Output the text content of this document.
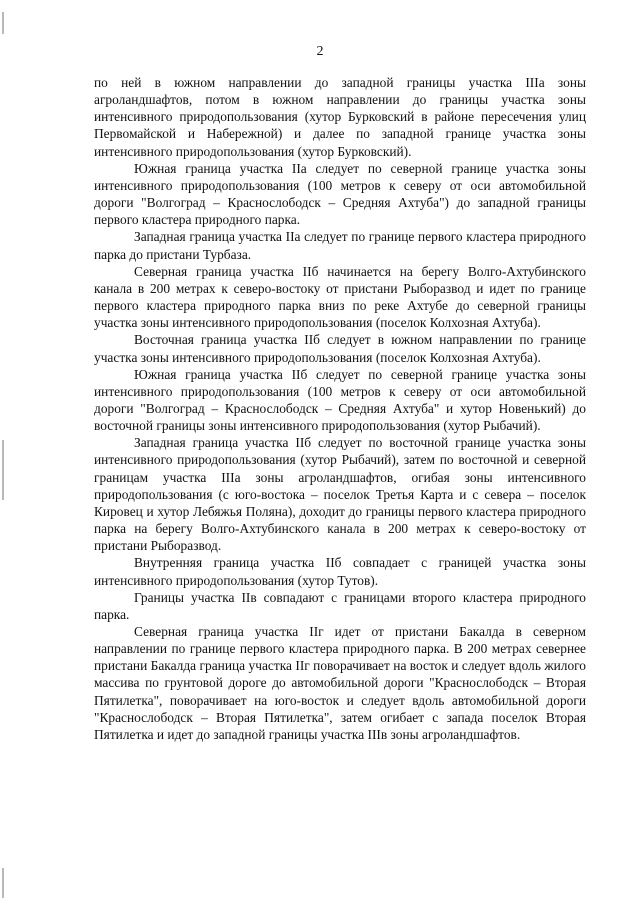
2

по ней в южном направлении до западной границы участка IIIа зоны агроландшафтов, потом в южном направлении до границы участка зоны интенсивного природопользования (хутор Бурковский в районе пересечения улиц Первомайской и Набережной) и далее по западной границе участка зоны интенсивного природопользования (хутор Бурковский).

Южная граница участка IIа следует по северной границе участка зоны интенсивного природопользования (100 метров к северу от оси автомобильной дороги "Волгоград – Краснослободск – Средняя Ахтуба") до западной границы первого кластера природного парка.

Западная граница участка IIа следует по границе первого кластера природного парка до пристани Турбаза.

Северная граница участка IIб начинается на берегу Волго-Ахтубинского канала в 200 метрах к северо-востоку от пристани Рыборазвод и идет по границе первого кластера природного парка вниз по реке Ахтубе до северной границы участка зоны интенсивного природопользования (поселок Колхозная Ахтуба).

Восточная граница участка IIб следует в южном направлении по границе участка зоны интенсивного природопользования (поселок Колхозная Ахтуба).

Южная граница участка IIб следует по северной границе участка зоны интенсивного природопользования (100 метров к северу от оси автомобильной дороги "Волгоград – Краснослободск – Средняя Ахтуба" и хутор Новенький) до восточной границы зоны интенсивного природопользования (хутор Рыбачий).

Западная граница участка IIб следует по восточной границе участка зоны интенсивного природопользования (хутор Рыбачий), затем по восточной и северной границам участка IIIа зоны агроландшафтов, огибая зоны интенсивного природопользования (с юго-востока – поселок Третья Карта и с севера – поселок Кировец и хутор Лебяжья Поляна), доходит до границы первого кластера природного парка на берегу Волго-Ахтубинского канала в 200 метрах к северо-востоку от пристани Рыборазвод.

Внутренняя граница участка IIб совпадает с границей участка зоны интенсивного природопользования (хутор Тутов).

Границы участка IIв совпадают с границами второго кластера природного парка.

Северная граница участка IIг идет от пристани Бакалда в северном направлении по границе первого кластера природного парка. В 200 метрах севернее пристани Бакалда граница участка IIг поворачивает на восток и следует вдоль жилого массива по грунтовой дороге до автомобильной дороги "Краснослободск – Вторая Пятилетка", поворачивает на юго-восток и следует вдоль автомобильной дороги "Краснослободск – Вторая Пятилетка", затем огибает с запада поселок Вторая Пятилетка и идет до западной границы участка IIIв зоны агроландшафтов.
